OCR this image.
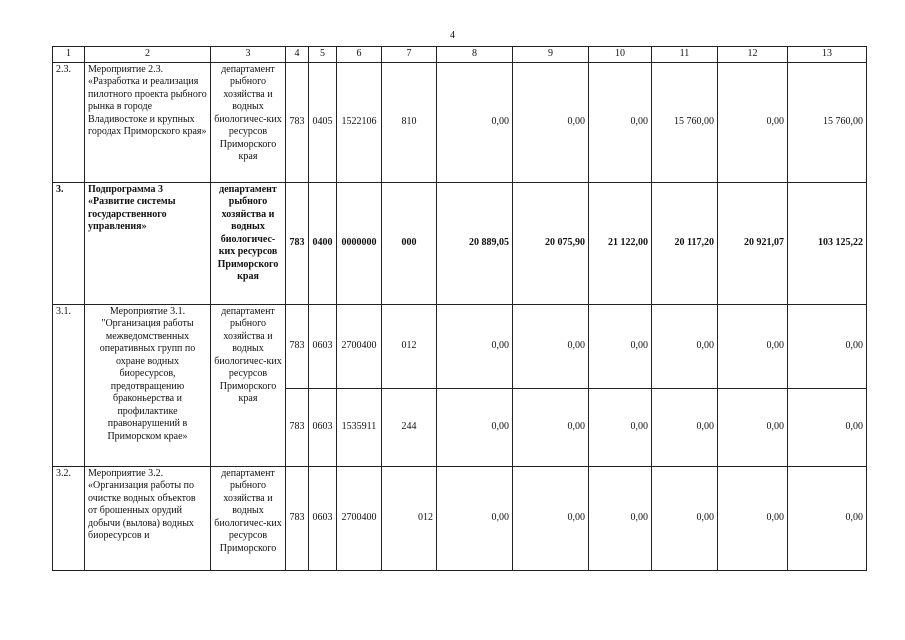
4
1	2	3	4	5	6	7	8	9	10	11	12	13
2.3.	Мероприятие 2.3. «Разработка и реализация пилотного проекта рыбного рынка в городе Владивостоке и крупных городах Приморского края»	департамент рыбного хозяйства и водных биологичес-ких ресурсов Приморского края	783	0405	1522106	810	0,00	0,00	0,00	15 760,00	0,00	15 760,00
3.	Подпрограмма 3 «Развитие системы государственного управления»	департамент рыбного хозяйства и водных биологичес-ких ресурсов Приморского края	783	0400	0000000	000	20 889,05	20 075,90	21 122,00	20 117,20	20 921,07	103 125,22
3.1.	Мероприятие 3.1. "Организация работы межведомственных оперативных групп по охране водных биоресурсов, предотвращению браконьерства и профилактике правонарушений в Приморском крае»	департамент рыбного хозяйства и водных биологичес-ких ресурсов Приморского края	783	0603	2700400	012	0,00	0,00	0,00	0,00	0,00	0,00
			783	0603	1535911	244	0,00	0,00	0,00	0,00	0,00	0,00
3.2.	Мероприятие 3.2. «Организация работы по очистке водных объектов от брошенных орудий добычи (вылова) водных биоресурсов и	департамент рыбного хозяйства и водных биологичес-ких ресурсов Приморского	783	0603	2700400	012	0,00	0,00	0,00	0,00	0,00	0,00
